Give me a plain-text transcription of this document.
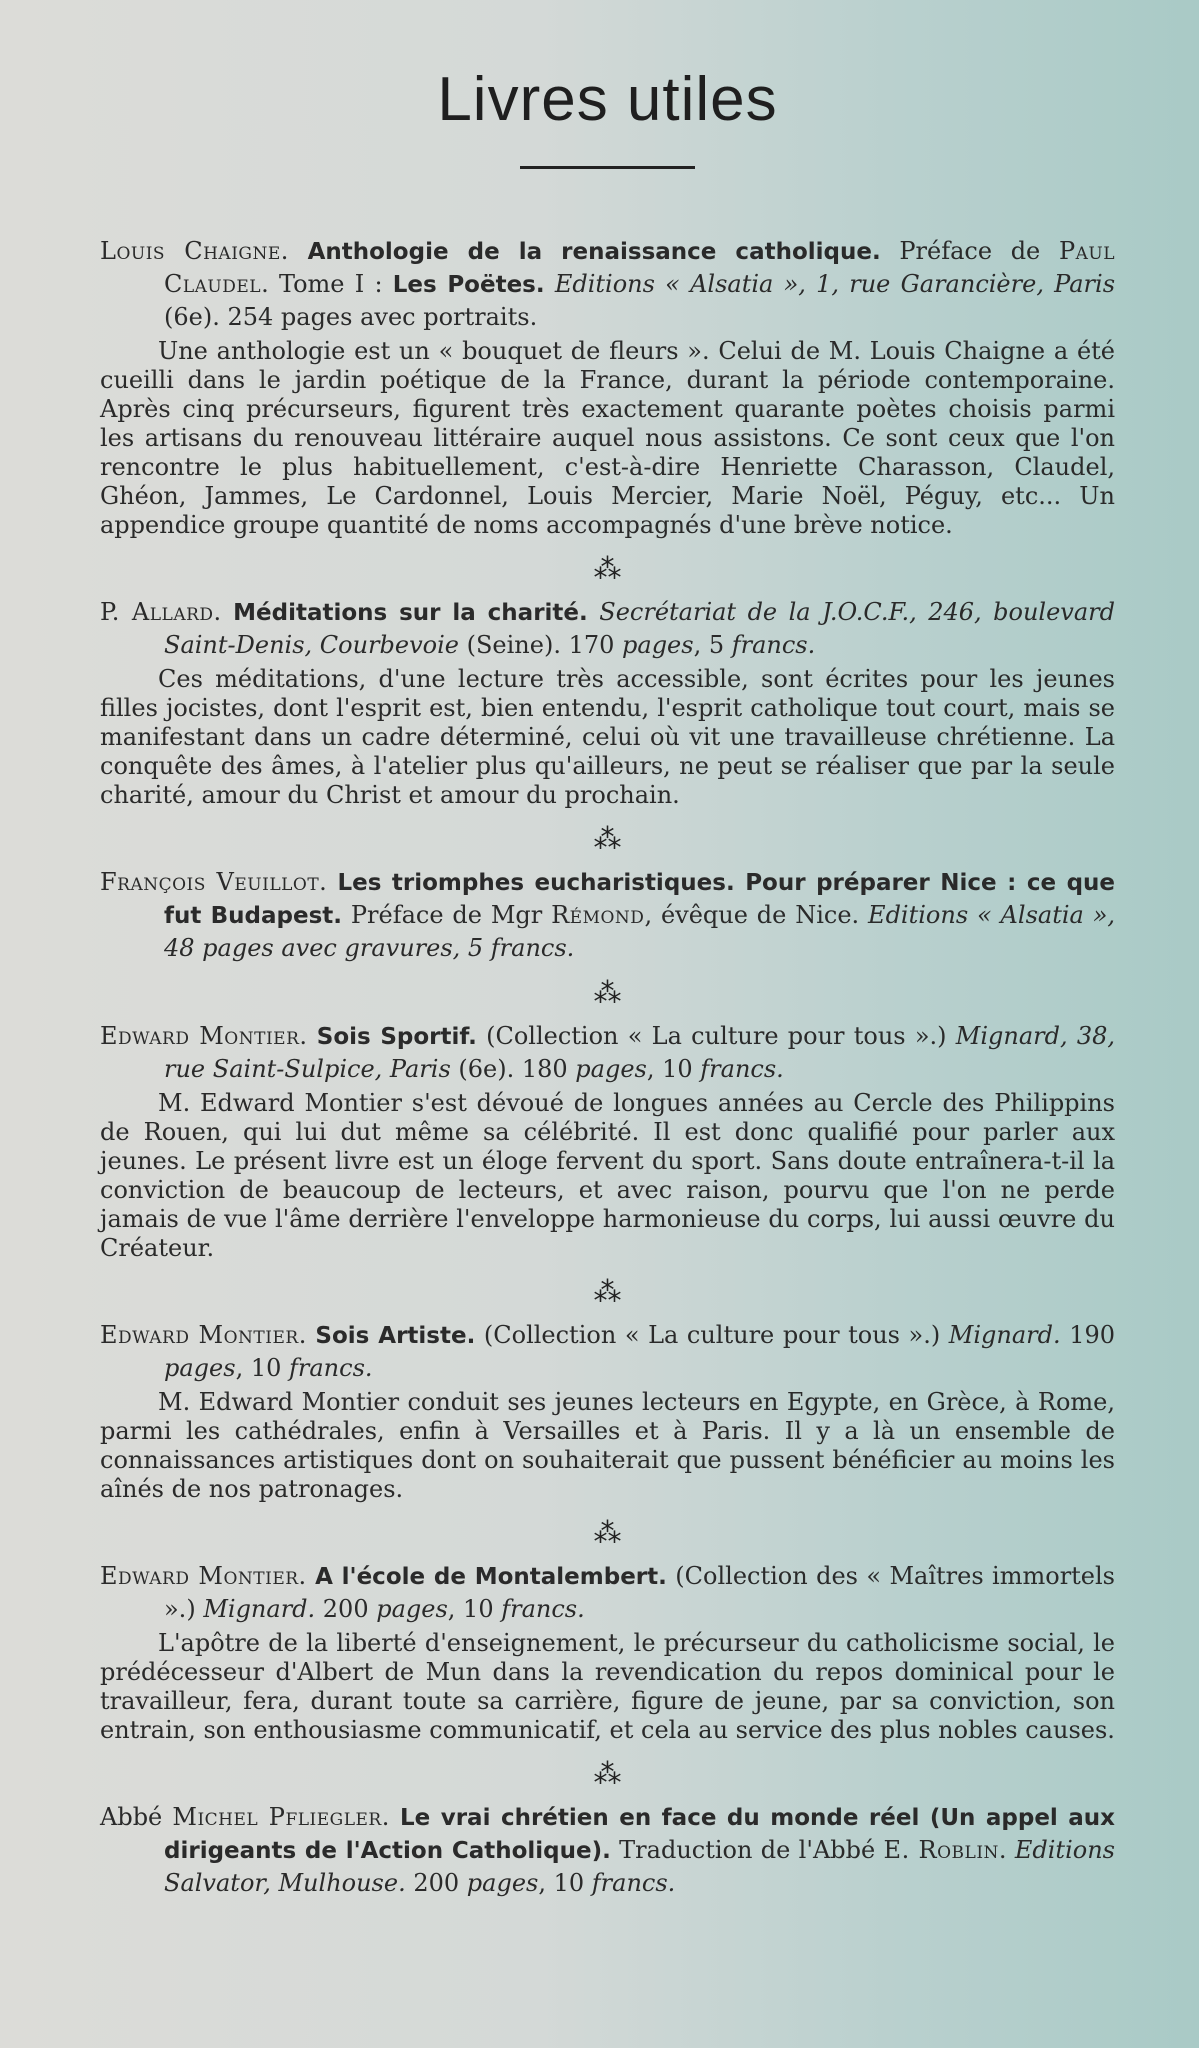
Livres utiles

Louis Chaigne. Anthologie de la renaissance catholique. Préface de Paul Claudel. Tome I : Les Poëtes. Editions « Alsatia », 1, rue Garancière, Paris (6e). 254 pages avec portraits.

Une anthologie est un « bouquet de fleurs ». Celui de M. Louis Chaigne a été cueilli dans le jardin poétique de la France, durant la période contemporaine. Après cinq précurseurs, figurent très exactement quarante poètes choisis parmi les artisans du renouveau littéraire auquel nous assistons. Ce sont ceux que l'on rencontre le plus habituellement, c'est-à-dire Henriette Charasson, Claudel, Ghéon, Jammes, Le Cardonnel, Louis Mercier, Marie Noël, Péguy, etc... Un appendice groupe quantité de noms accompagnés d'une brève notice.

⁂

P. Allard. Méditations sur la charité. Secrétariat de la J.O.C.F., 246, boulevard Saint-Denis, Courbevoie (Seine). 170 pages, 5 francs.

Ces méditations, d'une lecture très accessible, sont écrites pour les jeunes filles jocistes, dont l'esprit est, bien entendu, l'esprit catholique tout court, mais se manifestant dans un cadre déterminé, celui où vit une travailleuse chrétienne. La conquête des âmes, à l'atelier plus qu'ailleurs, ne peut se réaliser que par la seule charité, amour du Christ et amour du prochain.

⁂

François Veuillot. Les triomphes eucharistiques. Pour préparer Nice : ce que fut Budapest. Préface de Mgr Rémond, évêque de Nice. Editions « Alsatia », 48 pages avec gravures, 5 francs.

⁂

Edward Montier. Sois Sportif. (Collection « La culture pour tous ».) Mignard, 38, rue Saint-Sulpice, Paris (6e). 180 pages, 10 francs.

M. Edward Montier s'est dévoué de longues années au Cercle des Philippins de Rouen, qui lui dut même sa célébrité. Il est donc qualifié pour parler aux jeunes. Le présent livre est un éloge fervent du sport. Sans doute entraînera-t-il la conviction de beaucoup de lecteurs, et avec raison, pourvu que l'on ne perde jamais de vue l'âme derrière l'enveloppe harmonieuse du corps, lui aussi œuvre du Créateur.

⁂

Edward Montier. Sois Artiste. (Collection « La culture pour tous ».) Mignard. 190 pages, 10 francs.

M. Edward Montier conduit ses jeunes lecteurs en Egypte, en Grèce, à Rome, parmi les cathédrales, enfin à Versailles et à Paris. Il y a là un ensemble de connaissances artistiques dont on souhaiterait que pussent bénéficier au moins les aînés de nos patronages.

⁂

Edward Montier. A l'école de Montalembert. (Collection des « Maîtres immortels ».) Mignard. 200 pages, 10 francs.

L'apôtre de la liberté d'enseignement, le précurseur du catholicisme social, le prédécesseur d'Albert de Mun dans la revendication du repos dominical pour le travailleur, fera, durant toute sa carrière, figure de jeune, par sa conviction, son entrain, son enthousiasme communicatif, et cela au service des plus nobles causes.

⁂

Abbé Michel Pfliegler. Le vrai chrétien en face du monde réel (Un appel aux dirigeants de l'Action Catholique). Traduction de l'Abbé E. Roblin. Editions Salvator, Mulhouse. 200 pages, 10 francs.
